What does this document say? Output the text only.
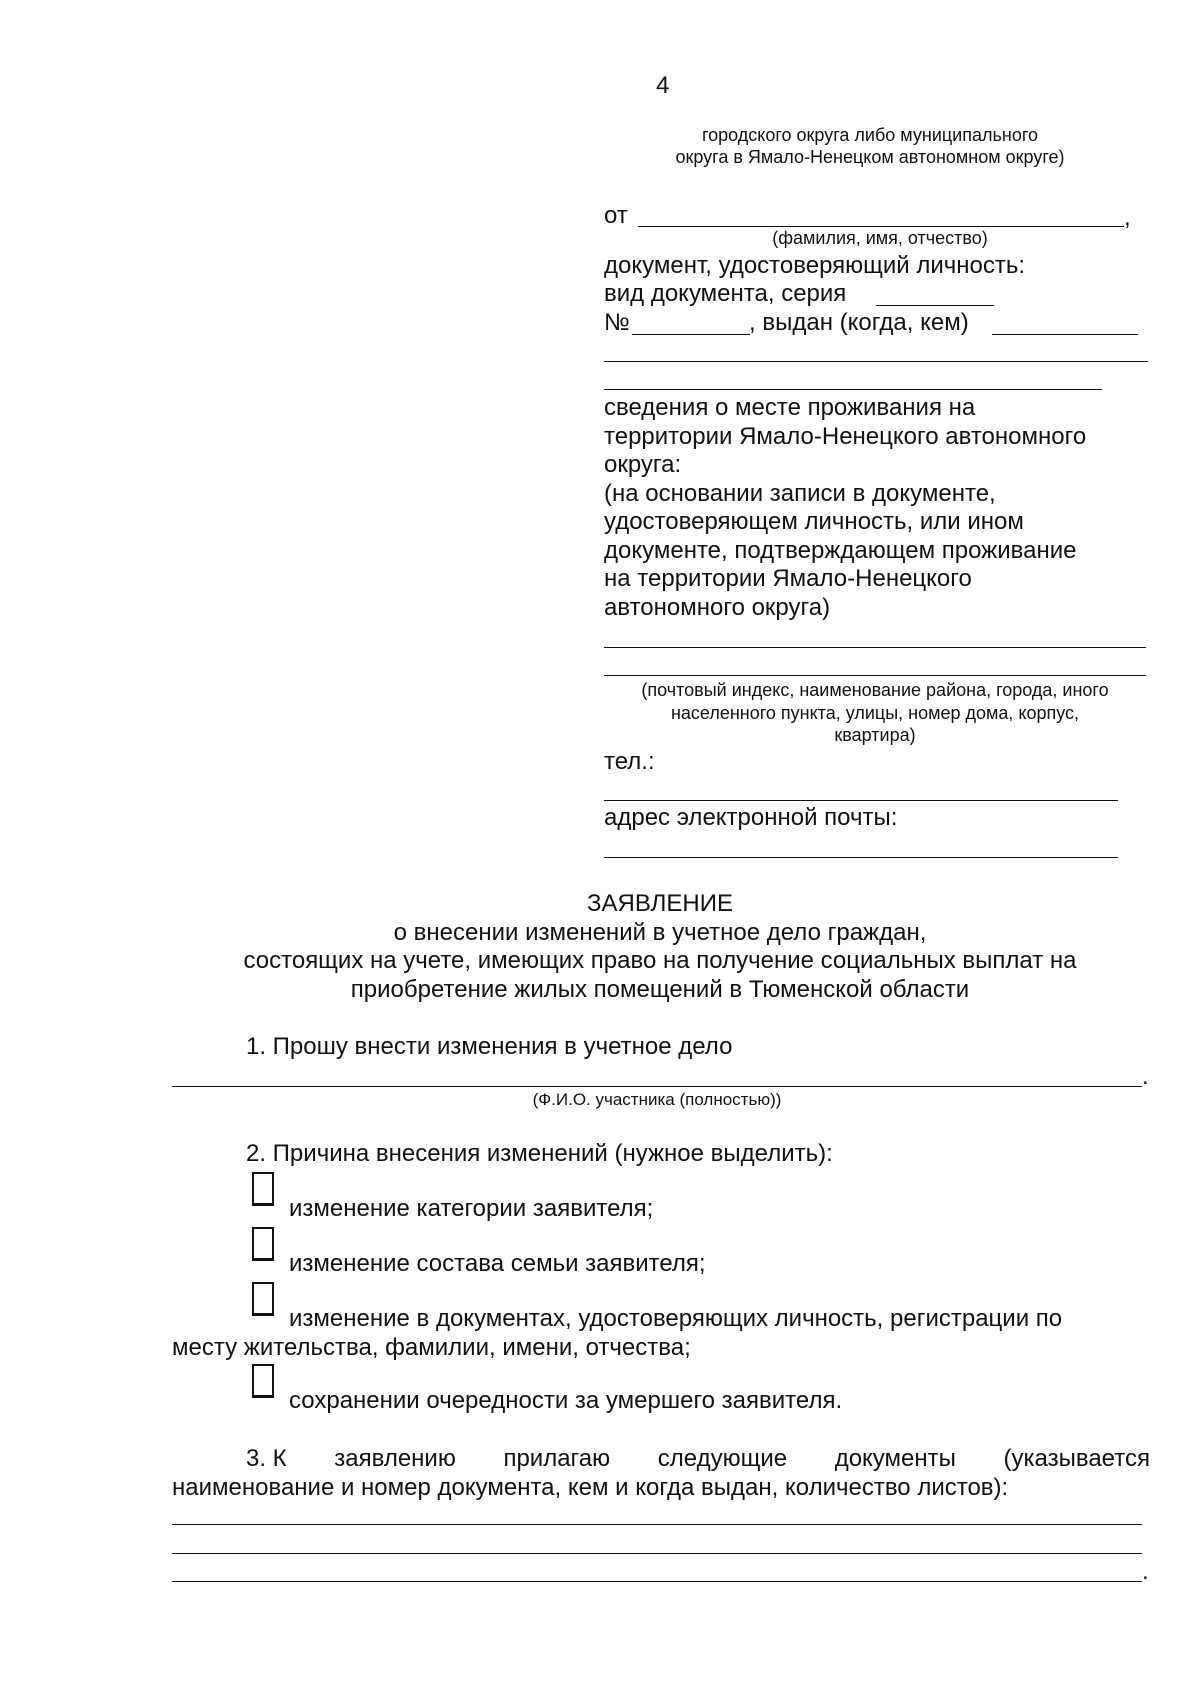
4
городского округа либо муниципального
округа в Ямало-Ненецком автономном округе)
от	,
(фамилия, имя, отчество)
документ, удостоверяющий личность:
вид документа, серия
№	, выдан (когда, кем)
сведения о месте проживания на
территории Ямало-Ненецкого автономного
округа:
(на основании записи в документе,
удостоверяющем личность, или ином
документе, подтверждающем проживание
на территории Ямало-Ненецкого
автономного округа)
(почтовый индекс, наименование района, города, иного
населенного пункта, улицы, номер дома, корпус,
квартира)
тел.:
адрес электронной почты:
ЗАЯВЛЕНИЕ
о внесении изменений в учетное дело граждан,
состоящих на учете, имеющих право на получение социальных выплат на
приобретение жилых помещений в Тюменской области
1. Прошу внести изменения в учетное дело
.
(Ф.И.О. участника (полностью))
2. Причина внесения изменений (нужное выделить):
изменение категории заявителя;
изменение состава семьи заявителя;
изменение в документах, удостоверяющих личность, регистрации по
месту жительства, фамилии, имени, отчества;
сохранении очередности за умершего заявителя.
3. К заявлению прилагаю следующие документы (указывается
наименование и номер документа, кем и когда выдан, количество листов):
.
